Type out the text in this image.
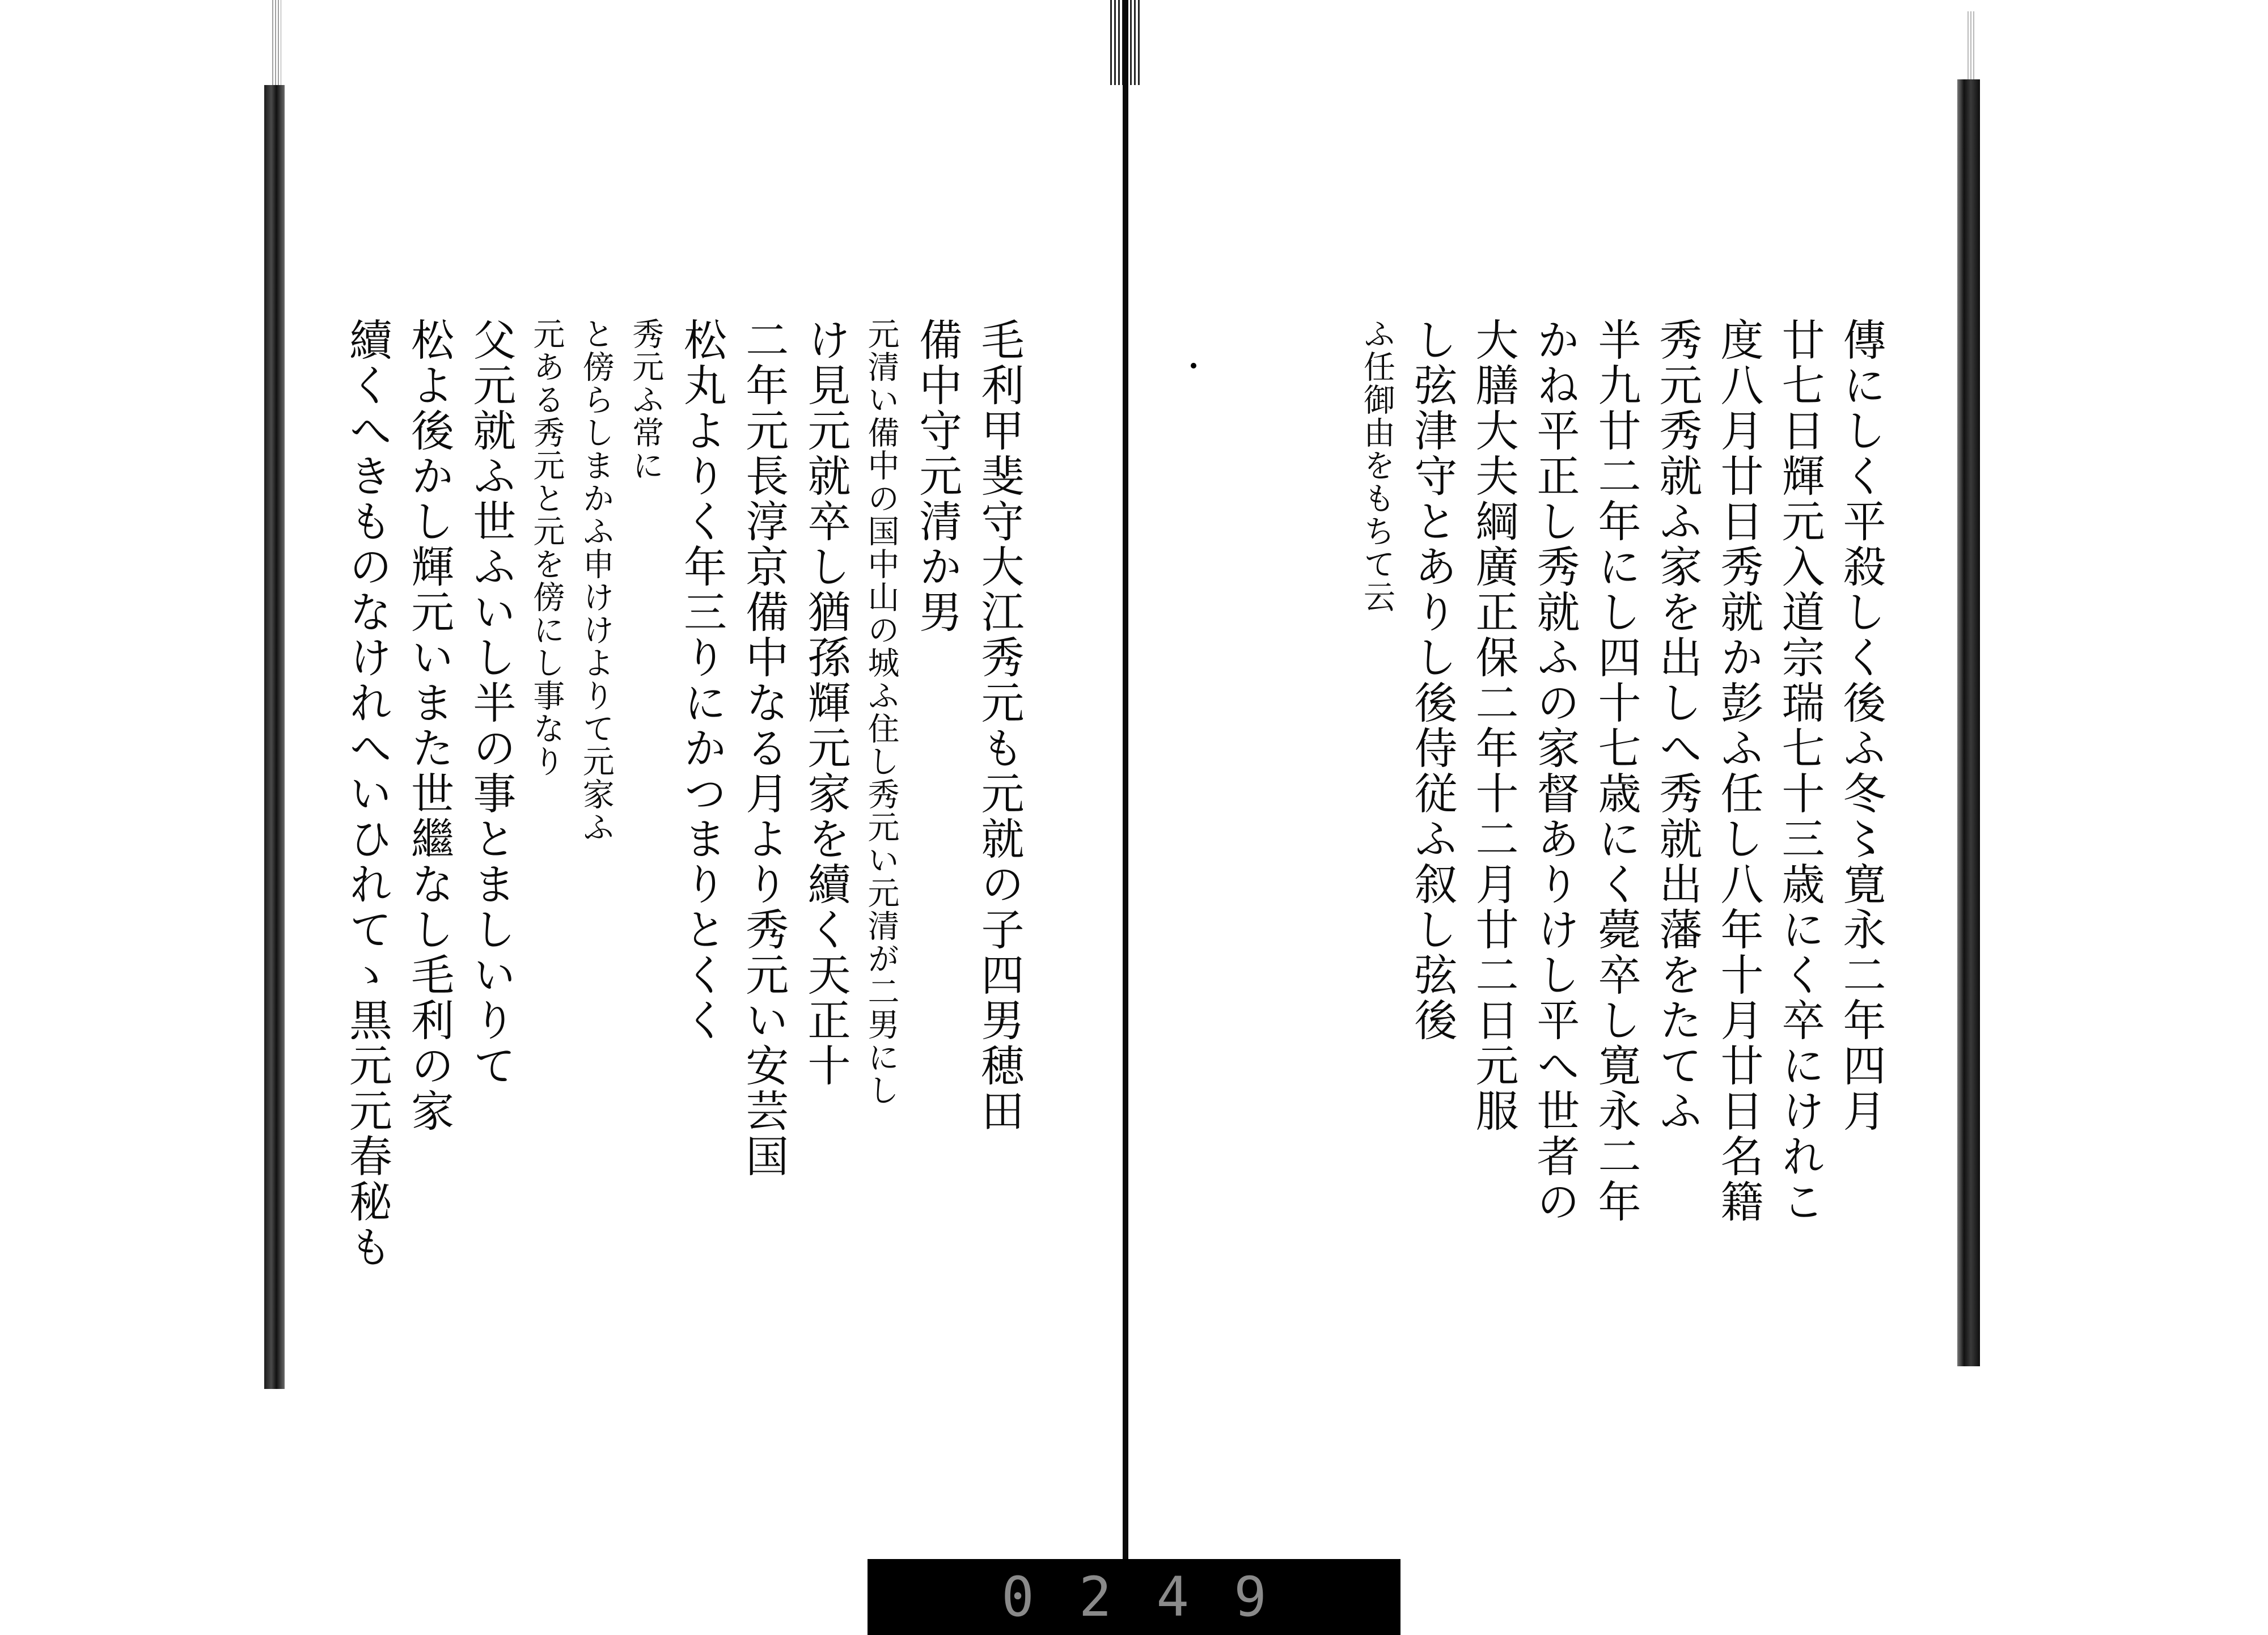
傳にしく平殺しく後ふ冬〻寛永二年四月
廿七日輝元入道宗瑞七十三歳にく卒にけれこ
度八月廿日秀就か彭ふ任し八年十月廿日名籍
秀元秀就ふ家を出しへ秀就出藩をたてふ
半九廿二年にし四十七歳にく薨卒し寛永二年
かね平正し秀就ふの家督ありけし平へ世者の
大膳大夫綱廣正保二年十二月廿二日元服
し弦津守とありし後侍従ふ叙し弦後
ふ任御由をもちて云
毛利甲斐守大江秀元も元就の子四男穂田
備中守元清か男
元清い備中の国中山の城ふ住し秀元い元清が二男にし
け見元就卒し猶孫輝元家を續く天正十
二年元長淳京備中なる月より秀元い安芸国
松丸よりく年三りにかつまりとくく
秀元ふ常に
と傍らしまかふ申けけよりて元家ふ
元ある秀元と元を傍にし事なり
父元就ふ世ふいし半の事とましいりて
松よ後かし輝元いまた世繼なし毛利の家
續くへきものなけれへいひれてゝ黒元元春秘も
0 2 4 9
